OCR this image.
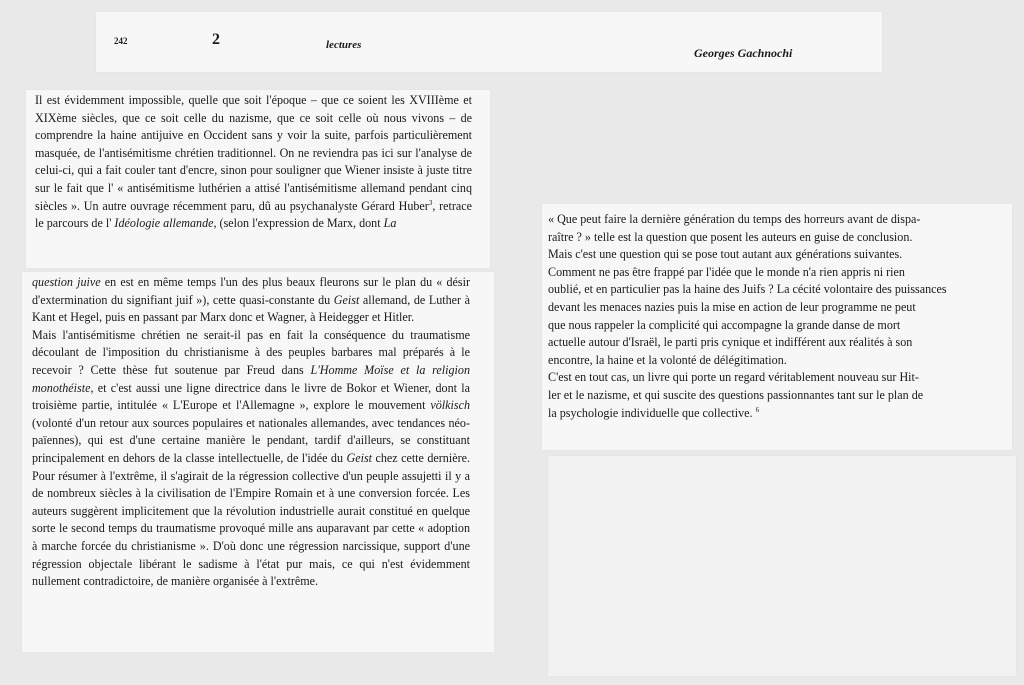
242	2	lectures
Georges Gachnochi

Il est évidemment impossible, quelle que soit l'époque – que ce soient les XVIIIème et XIXème siècles, que ce soit celle du nazisme, que ce soit celle où nous vivons – de comprendre la haine antijuive en Occident sans y voir la suite, parfois particulièrement masquée, de l'antisémitisme chrétien traditionnel. On ne reviendra pas ici sur l'analyse de celui-ci, qui a fait couler tant d'encre, sinon pour souligner que Wiener insiste à juste titre sur le fait que l' « antisémitisme luthérien a attisé l'antisémitisme allemand pendant cinq siècles ». Un autre ouvrage récemment paru, dû au psychanalyste Gérard Huber$^3$, retrace le parcours de l' Idéologie allemande, (selon l'expression de Marx, dont La

question juive en est en même temps l'un des plus beaux fleurons sur le plan du « désir d'extermination du signifiant juif »), cette quasi-constante du Geist allemand, de Luther à Kant et Hegel, puis en passant par Marx donc et Wagner, à Heidegger et Hitler.

Mais l'antisémitisme chrétien ne serait-il pas en fait la conséquence du traumatisme découlant de l'imposition du christianisme à des peuples barbares mal préparés à le recevoir ? Cette thèse fut soutenue par Freud dans L'Homme Moïse et la religion monothéiste, et c'est aussi une ligne directrice dans le livre de Bokor et Wiener, dont la troisième partie, intitulée « L'Europe et l'Allemagne », explore le mouvement völkisch (volonté d'un retour aux sources populaires et nationales allemandes, avec tendances néo-païennes), qui est d'une certaine manière le pendant, tardif d'ailleurs, se constituant principalement en dehors de la classe intellectuelle, de l'idée du Geist chez cette dernière. Pour résumer à l'extrême, il s'agirait de la régression collective d'un peuple assujetti il y a de nombreux siècles à la civilisation de l'Empire Romain et à une conversion forcée. Les auteurs suggèrent implicitement que la révolution industrielle aurait constitué en quelque sorte le second temps du traumatisme provoqué mille ans auparavant par cette « adoption à marche forcée du christianisme ». D'où donc une régression narcissique, support d'une régression objectale libérant le sadisme à l'état pur mais, ce qui n'est évidemment nullement contradictoire, de manière organisée à l'extrême.

« Que peut faire la dernière génération du temps des horreurs avant de dispa-
raître ? » telle est la question que posent les auteurs en guise de conclusion.
Mais c'est une question qui se pose tout autant aux générations suivantes.
Comment ne pas être frappé par l'idée que le monde n'a rien appris ni rien
oublié, et en particulier pas la haine des Juifs ? La cécité volontaire des puissances
devant les menaces nazies puis la mise en action de leur programme ne peut
que nous rappeler la complicité qui accompagne la grande danse de mort
actuelle autour d'Israël, le parti pris cynique et indifférent aux réalités à son
encontre, la haine et la volonté de délégitimation.
C'est en tout cas, un livre qui porte un regard véritablement nouveau sur Hit-
ler et le nazisme, et qui suscite des questions passionnantes tant sur le plan de
la psychologie individuelle que collective. $^6$
